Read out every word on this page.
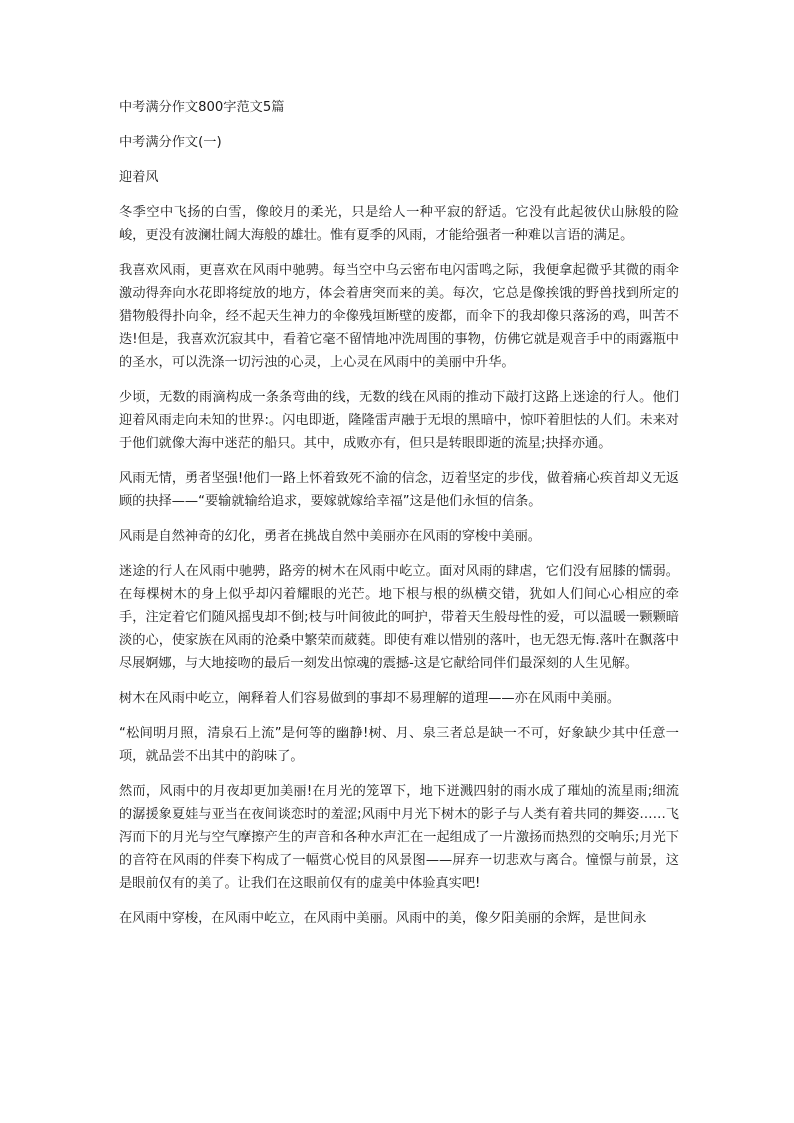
中考满分作文800字范文5篇

中考满分作文(一)

迎着风

冬季空中飞扬的白雪，像皎月的柔光，只是给人一种平寂的舒适。它没有此起彼伏山脉般的险峻，更没有波澜壮阔大海般的雄壮。惟有夏季的风雨，才能给强者一种难以言语的满足。

我喜欢风雨，更喜欢在风雨中驰骋。每当空中乌云密布电闪雷鸣之际，我便拿起微乎其微的雨伞激动得奔向水花即将绽放的地方，体会着唐突而来的美。每次，它总是像挨饿的野兽找到所定的猎物般得扑向伞，经不起天生神力的伞像残垣断壁的废都，而伞下的我却像只落汤的鸡，叫苦不迭!但是，我喜欢沉寂其中，看着它毫不留情地冲洗周围的事物，仿佛它就是观音手中的雨露瓶中的圣水，可以洗涤一切污浊的心灵，上心灵在风雨中的美丽中升华。

少顷，无数的雨滴构成一条条弯曲的线，无数的线在风雨的推动下敲打这路上迷途的行人。他们迎着风雨走向未知的世界:。闪电即逝，隆隆雷声融于无垠的黑暗中，惊吓着胆怯的人们。未来对于他们就像大海中迷茫的船只。其中，成败亦有，但只是转眼即逝的流星;抉择亦通。

风雨无情，勇者坚强!他们一路上怀着致死不渝的信念，迈着坚定的步伐，做着痛心疾首却义无返顾的抉择——“要输就输给追求，要嫁就嫁给幸福”这是他们永恒的信条。

风雨是自然神奇的幻化，勇者在挑战自然中美丽亦在风雨的穿梭中美丽。

迷途的行人在风雨中驰骋，路旁的树木在风雨中屹立。面对风雨的肆虐，它们没有屈膝的懦弱。在每棵树木的身上似乎却闪着耀眼的光芒。地下根与根的纵横交错，犹如人们间心心相应的牵手，注定着它们随风摇曳却不倒;枝与叶间彼此的呵护，带着天生般母性的爱，可以温暖一颗颗暗淡的心，使家族在风雨的沧桑中繁荣而葳蕤。即使有难以惜别的落叶，也无怨无悔.落叶在飘落中尽展婀娜，与大地接吻的最后一刻发出惊魂的震撼-这是它献给同伴们最深刻的人生见解。

树木在风雨中屹立，阐释着人们容易做到的事却不易理解的道理——亦在风雨中美丽。

“松间明月照，清泉石上流”是何等的幽静!树、月、泉三者总是缺一不可，好象缺少其中任意一项，就品尝不出其中的韵味了。

然而，风雨中的月夜却更加美丽!在月光的笼罩下，地下迸溅四射的雨水成了璀灿的流星雨;细流的潺援象夏娃与亚当在夜间谈恋时的羞涩;风雨中月光下树木的影子与人类有着共同的舞姿……飞泻而下的月光与空气摩擦产生的声音和各种水声汇在一起组成了一片激扬而热烈的交响乐;月光下的音符在风雨的伴奏下构成了一幅赏心悦目的风景图——屏弃一切悲欢与离合。憧憬与前景，这是眼前仅有的美了。让我们在这眼前仅有的虚美中体验真实吧!

在风雨中穿梭，在风雨中屹立，在风雨中美丽。风雨中的美，像夕阳美丽的余辉，是世间永
